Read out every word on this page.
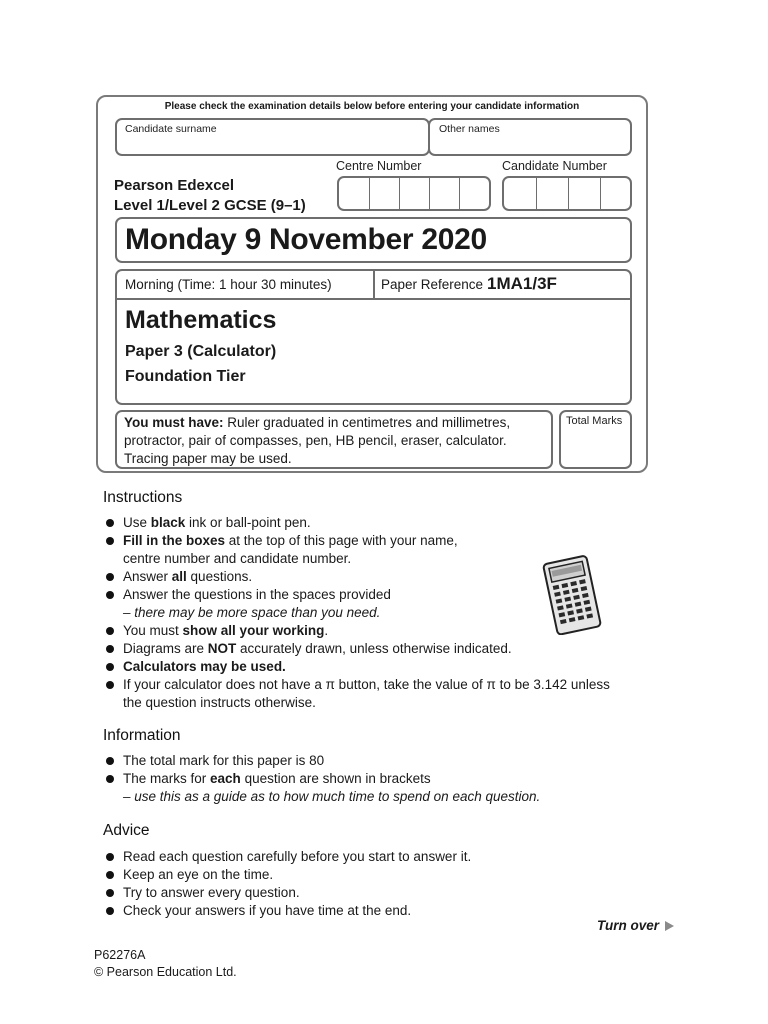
Please check the examination details below before entering your candidate information
Candidate surname	Other names
Centre Number	Candidate Number
Pearson Edexcel
Level 1/Level 2 GCSE (9–1)
Monday 9 November 2020
Morning (Time: 1 hour 30 minutes)	Paper Reference 1MA1/3F
Mathematics
Paper 3 (Calculator)
Foundation Tier
You must have: Ruler graduated in centimetres and millimetres, protractor, pair of compasses, pen, HB pencil, eraser, calculator. Tracing paper may be used.
Total Marks
Instructions
Use black ink or ball-point pen.
Fill in the boxes at the top of this page with your name,
centre number and candidate number.
Answer all questions.
Answer the questions in the spaces provided
– there may be more space than you need.
You must show all your working.
Diagrams are NOT accurately drawn, unless otherwise indicated.
Calculators may be used.
If your calculator does not have a π button, take the value of π to be 3.142 unless
the question instructs otherwise.
Information
The total mark for this paper is 80
The marks for each question are shown in brackets
– use this as a guide as to how much time to spend on each question.
Advice
Read each question carefully before you start to answer it.
Keep an eye on the time.
Try to answer every question.
Check your answers if you have time at the end.
Turn over
P62276A
© Pearson Education Ltd.
